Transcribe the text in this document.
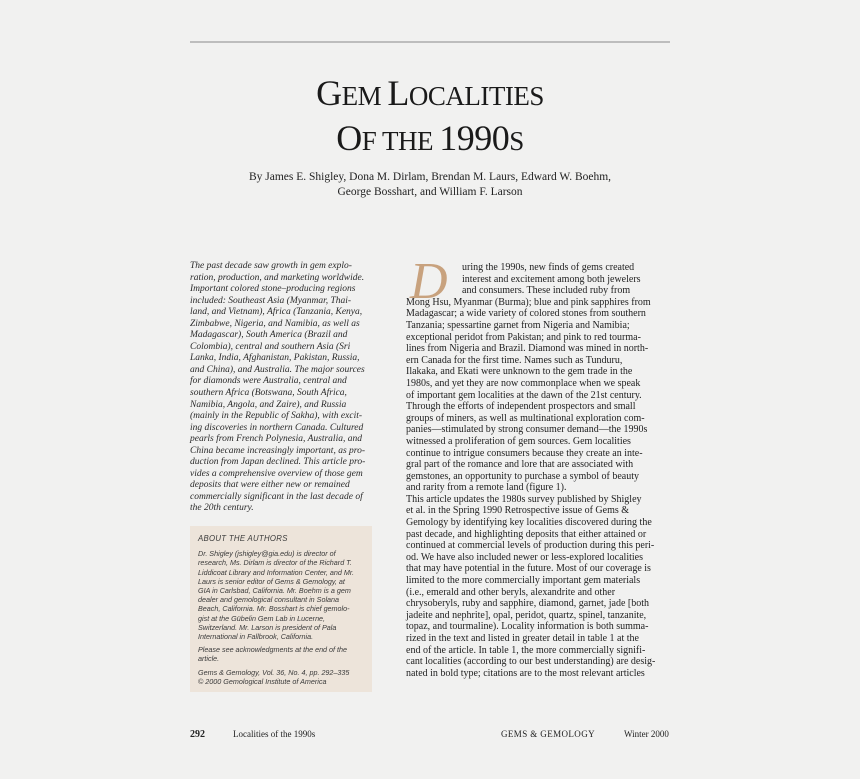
GEM LOCALITIES
OF THE 1990S
By James E. Shigley, Dona M. Dirlam, Brendan M. Laurs, Edward W. Boehm,
George Bosshart, and William F. Larson
The past decade saw growth in gem explo-
ration, production, and marketing worldwide.
Important colored stone–producing regions
included: Southeast Asia (Myanmar, Thai-
land, and Vietnam), Africa (Tanzania, Kenya,
Zimbabwe, Nigeria, and Namibia, as well as
Madagascar), South America (Brazil and
Colombia), central and southern Asia (Sri
Lanka, India, Afghanistan, Pakistan, Russia,
and China), and Australia. The major sources
for diamonds were Australia, central and
southern Africa (Botswana, South Africa,
Namibia, Angola, and Zaire), and Russia
(mainly in the Republic of Sakha), with excit-
ing discoveries in northern Canada. Cultured
pearls from French Polynesia, Australia, and
China became increasingly important, as pro-
duction from Japan declined. This article pro-
vides a comprehensive overview of those gem
deposits that were either new or remained
commercially significant in the last decade of
the 20th century.
ABOUT THE AUTHORS
Dr. Shigley (jshigley@gia.edu) is director of
research, Ms. Dirlam is director of the Richard T.
Liddicoat Library and Information Center, and Mr.
Laurs is senior editor of Gems & Gemology, at
GIA in Carlsbad, California. Mr. Boehm is a gem
dealer and gemological consultant in Solana
Beach, California. Mr. Bosshart is chief gemolo-
gist at the Gübelin Gem Lab in Lucerne,
Switzerland. Mr. Larson is president of Pala
International in Fallbrook, California.
Please see acknowledgments at the end of the
article.
Gems & Gemology, Vol. 36, No. 4, pp. 292–335
© 2000 Gemological Institute of America
D	uring the 1990s, new finds of gems created
interest and excitement among both jewelers
and consumers. These included ruby from
Mong Hsu, Myanmar (Burma); blue and pink sapphires from
Madagascar; a wide variety of colored stones from southern
Tanzania; spessartine garnet from Nigeria and Namibia;
exceptional peridot from Pakistan; and pink to red tourma-
lines from Nigeria and Brazil. Diamond was mined in north-
ern Canada for the first time. Names such as Tunduru,
Ilakaka, and Ekati were unknown to the gem trade in the
1980s, and yet they are now commonplace when we speak
of important gem localities at the dawn of the 21st century.
Through the efforts of independent prospectors and small
groups of miners, as well as multinational exploration com-
panies—stimulated by strong consumer demand—the 1990s
witnessed a proliferation of gem sources. Gem localities
continue to intrigue consumers because they create an inte-
gral part of the romance and lore that are associated with
gemstones, an opportunity to purchase a symbol of beauty
and rarity from a remote land (figure 1).
This article updates the 1980s survey published by Shigley
et al. in the Spring 1990 Retrospective issue of Gems &
Gemology by identifying key localities discovered during the
past decade, and highlighting deposits that either attained or
continued at commercial levels of production during this peri-
od. We have also included newer or less-explored localities
that may have potential in the future. Most of our coverage is
limited to the more commercially important gem materials
(i.e., emerald and other beryls, alexandrite and other
chrysoberyls, ruby and sapphire, diamond, garnet, jade [both
jadeite and nephrite], opal, peridot, quartz, spinel, tanzanite,
topaz, and tourmaline). Locality information is both summa-
rized in the text and listed in greater detail in table 1 at the
end of the article. In table 1, the more commercially signifi-
cant localities (according to our best understanding) are desig-
nated in bold type; citations are to the most relevant articles
292	Localities of the 1990s	GEMS & GEMOLOGY	Winter 2000
